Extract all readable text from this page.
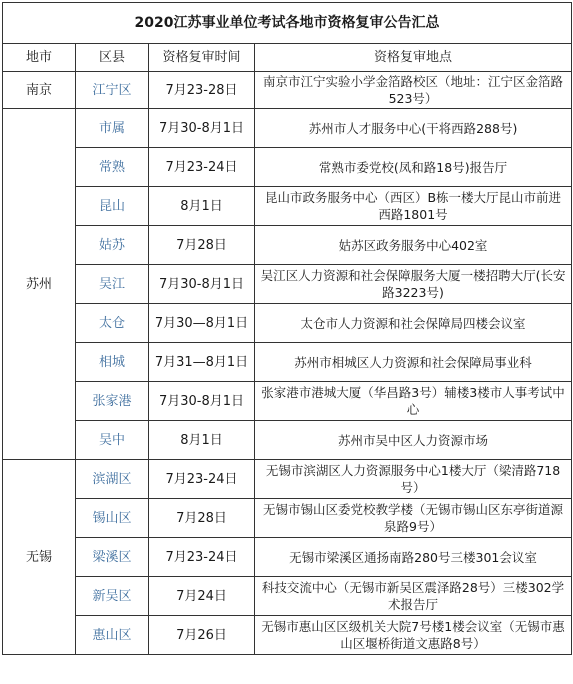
2020江苏事业单位考试各地市资格复审公告汇总			
地市	区县	资格复审时间	资格复审地点
南京	江宁区	7月23-28日	南京市江宁实验小学金箔路校区（地址：江宁区金箔路523号）
苏州	市属	7月30-8月1日	苏州市人才服务中心(干将西路288号)
	常熟	7月23-24日	常熟市委党校(凤和路18号)报告厅
	昆山	8月1日	昆山市政务服务中心（西区）B栋一楼大厅昆山市前进西路1801号
	姑苏	7月28日	姑苏区政务服务中心402室
	吴江	7月30-8月1日	吴江区人力资源和社会保障服务大厦一楼招聘大厅(长安路3223号)
	太仓	7月30—8月1日	太仓市人力资源和社会保障局四楼会议室
	相城	7月31—8月1日	苏州市相城区人力资源和社会保障局事业科
	张家港	7月30-8月1日	张家港市港城大厦（华昌路3号）辅楼3楼市人事考试中心
	吴中	8月1日	苏州市吴中区人力资源市场
无锡	滨湖区	7月23-24日	无锡市滨湖区人力资源服务中心1楼大厅（梁清路718号）
	锡山区	7月28日	无锡市锡山区委党校教学楼（无锡市锡山区东亭街道源泉路9号）
	梁溪区	7月23-24日	无锡市梁溪区通扬南路280号三楼301会议室
	新吴区	7月24日	科技交流中心（无锡市新吴区震泽路28号）三楼302学术报告厅
	惠山区	7月26日	无锡市惠山区区级机关大院7号楼1楼会议室（无锡市惠山区堰桥街道文惠路8号）
